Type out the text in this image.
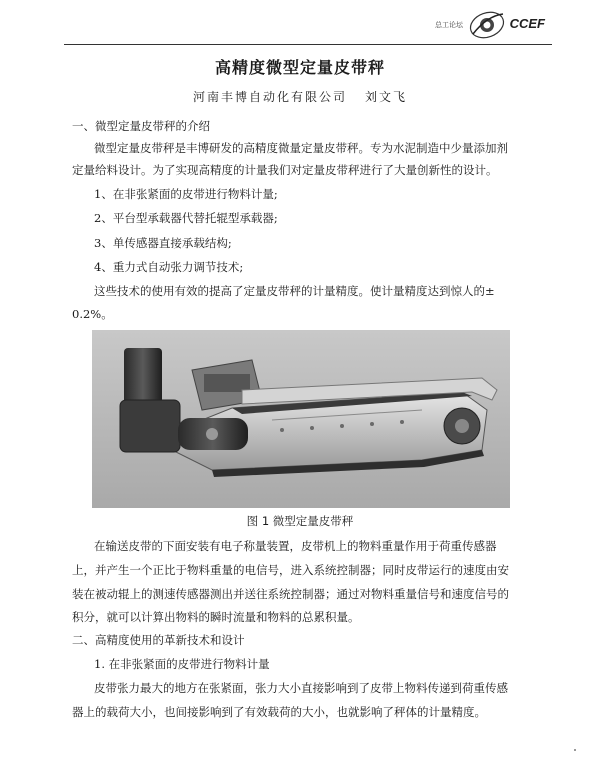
总工论坛	CCEF
高精度微型定量皮带秤
河南丰博自动化有限公司 刘文飞
一、微型定量皮带秤的介绍
微型定量皮带秤是丰博研发的高精度微量定量皮带秤。专为水泥制造中少量添加剂
定量给料设计。为了实现高精度的计量我们对定量皮带秤进行了大量创新性的设计。
1、在非张紧面的皮带进行物料计量;
2、平台型承载器代替托辊型承载器;
3、单传感器直接承载结构;
4、重力式自动张力调节技术;
这些技术的使用有效的提高了定量皮带秤的计量精度。使计量精度达到惊人的±
0.2%。
图 1 微型定量皮带秤
在输送皮带的下面安装有电子称量装置，皮带机上的物料重量作用于荷重传感器
上，并产生一个正比于物料重量的电信号，进入系统控制器；同时皮带运行的速度由安
装在被动辊上的测速传感器测出并送往系统控制器；通过对物料重量信号和速度信号的
积分，就可以计算出物料的瞬时流量和物料的总累积量。
二、高精度使用的革新技术和设计
1. 在非张紧面的皮带进行物料计量
皮带张力最大的地方在张紧面，张力大小直接影响到了皮带上物料传递到荷重传感
器上的载荷大小，也间接影响到了有效载荷的大小，也就影响了秤体的计量精度。
